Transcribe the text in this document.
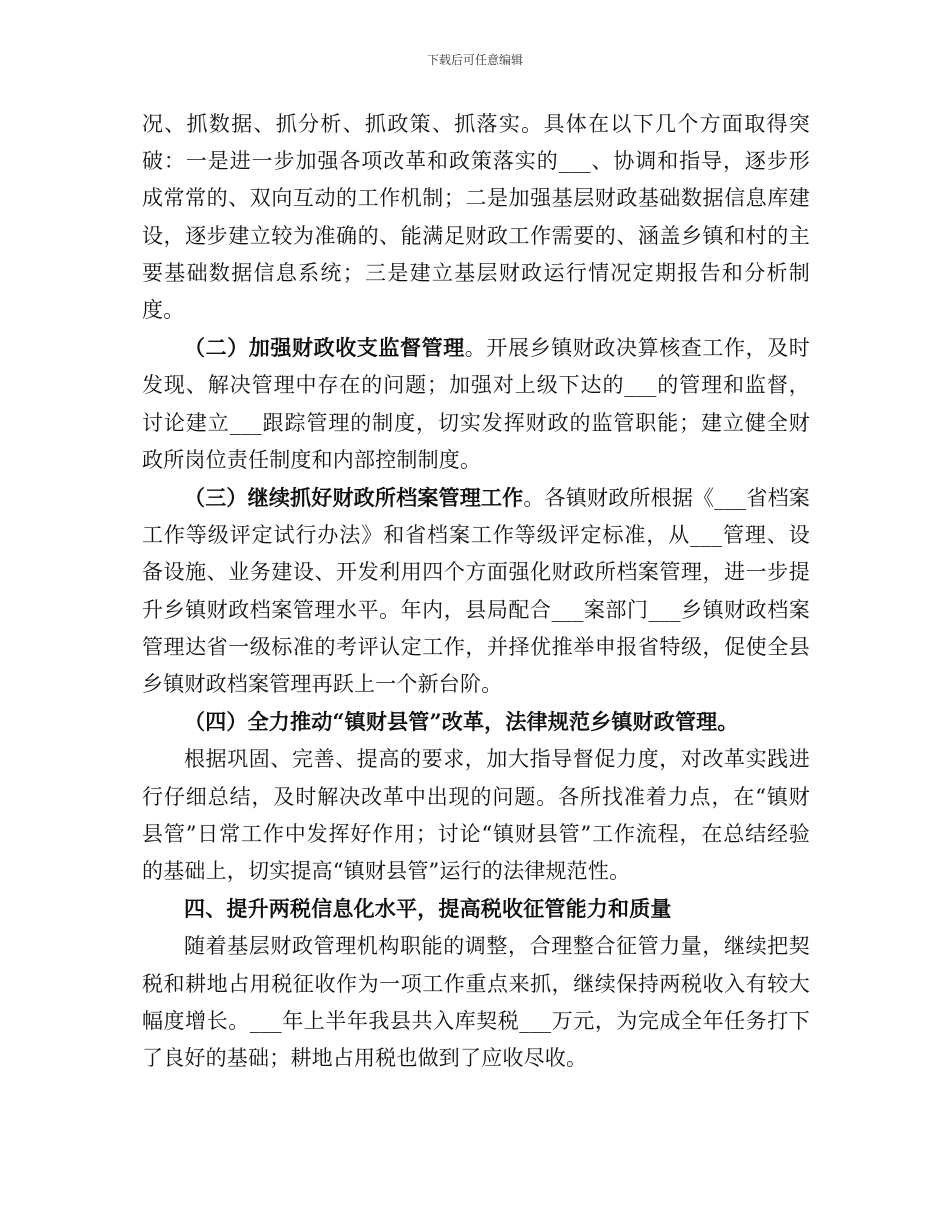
下载后可任意编辑

况、抓数据、抓分析、抓政策、抓落实。具体在以下几个方面取得突破：一是进一步加强各项改革和政策落实的___、协调和指导，逐步形成常常的、双向互动的工作机制；二是加强基层财政基础数据信息库建设，逐步建立较为准确的、能满足财政工作需要的、涵盖乡镇和村的主要基础数据信息系统；三是建立基层财政运行情况定期报告和分析制度。

（二）加强财政收支监督管理。开展乡镇财政决算核查工作，及时发现、解决管理中存在的问题；加强对上级下达的___的管理和监督，讨论建立___跟踪管理的制度，切实发挥财政的监管职能；建立健全财政所岗位责任制度和内部控制制度。

（三）继续抓好财政所档案管理工作。各镇财政所根据《___省档案工作等级评定试行办法》和省档案工作等级评定标准，从___管理、设备设施、业务建设、开发利用四个方面强化财政所档案管理，进一步提升乡镇财政档案管理水平。年内，县局配合___案部门___乡镇财政档案管理达省一级标准的考评认定工作，并择优推举申报省特级，促使全县乡镇财政档案管理再跃上一个新台阶。

（四）全力推动“镇财县管”改革，法律规范乡镇财政管理。

根据巩固、完善、提高的要求，加大指导督促力度，对改革实践进行仔细总结，及时解决改革中出现的问题。各所找准着力点，在“镇财县管”日常工作中发挥好作用；讨论“镇财县管”工作流程，在总结经验的基础上，切实提高“镇财县管”运行的法律规范性。

四、提升两税信息化水平，提高税收征管能力和质量

随着基层财政管理机构职能的调整，合理整合征管力量，继续把契税和耕地占用税征收作为一项工作重点来抓，继续保持两税收入有较大幅度增长。___年上半年我县共入库契税___万元，为完成全年任务打下了良好的基础；耕地占用税也做到了应收尽收。
